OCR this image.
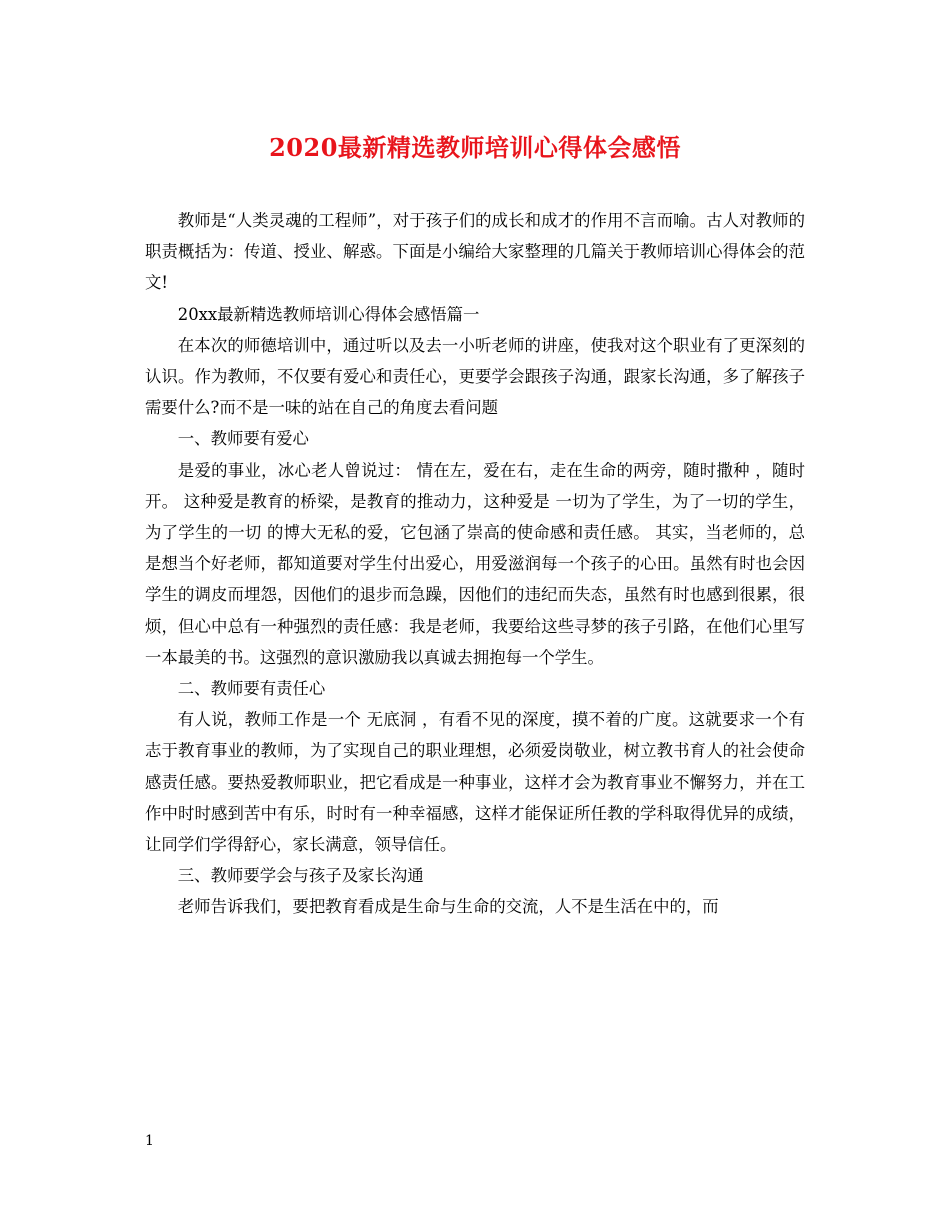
2020最新精选教师培训心得体会感悟

教师是“人类灵魂的工程师”，对于孩子们的成长和成才的作用不言而喻。古人对教师的职责概括为：传道、授业、解惑。下面是小编给大家整理的几篇关于教师培训心得体会的范文!

20xx最新精选教师培训心得体会感悟篇一

在本次的师德培训中，通过听以及去一小听老师的讲座，使我对这个职业有了更深刻的认识。作为教师，不仅要有爱心和责任心，更要学会跟孩子沟通，跟家长沟通，多了解孩子需要什么?而不是一味的站在自己的角度去看问题

一、教师要有爱心

是爱的事业，冰心老人曾说过： 情在左，爱在右，走在生命的两旁，随时撒种 ，随时开。 这种爱是教育的桥梁，是教育的推动力，这种爱是 一切为了学生，为了一切的学生，为了学生的一切 的博大无私的爱，它包涵了崇高的使命感和责任感。 其实，当老师的，总是想当个好老师，都知道要对学生付出爱心，用爱滋润每一个孩子的心田。虽然有时也会因学生的调皮而埋怨，因他们的退步而急躁，因他们的违纪而失态，虽然有时也感到很累，很烦，但心中总有一种强烈的责任感：我是老师，我要给这些寻梦的孩子引路，在他们心里写一本最美的书。这强烈的意识激励我以真诚去拥抱每一个学生。

二、教师要有责任心

有人说，教师工作是一个 无底洞 ，有看不见的深度，摸不着的广度。这就要求一个有志于教育事业的教师，为了实现自己的职业理想，必须爱岗敬业，树立教书育人的社会使命感责任感。要热爱教师职业，把它看成是一种事业，这样才会为教育事业不懈努力，并在工作中时时感到苦中有乐，时时有一种幸福感，这样才能保证所任教的学科取得优异的成绩，让同学们学得舒心，家长满意，领导信任。

三、教师要学会与孩子及家长沟通

老师告诉我们，要把教育看成是生命与生命的交流，人不是生活在中的，而

1
